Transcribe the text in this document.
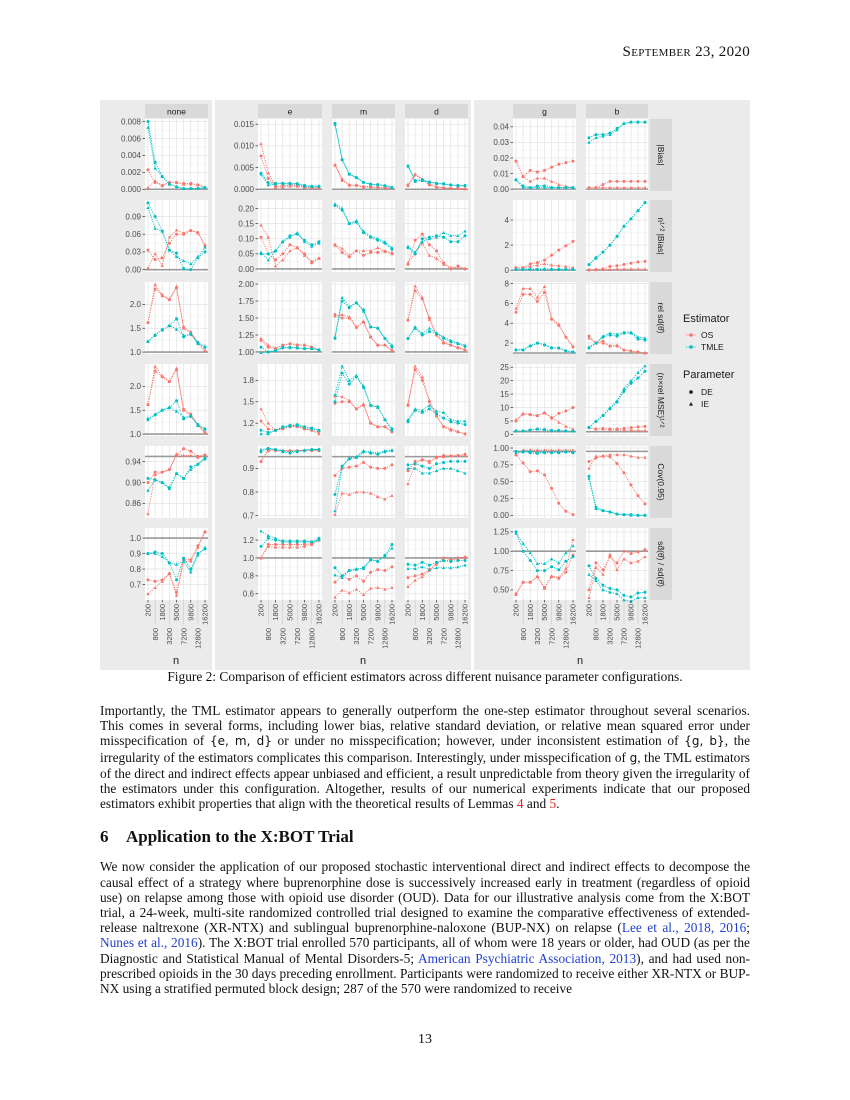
September 23, 2020
none	e	m	d	g	b
|Bias|
0.000
0.002
0.004
0.006
0.008
0.000
0.005
0.010
0.015
0.00
0.01
0.02
0.03
0.04
n¹ᐟ² |Bias|
0.00
0.03
0.06
0.09
0.00
0.05
0.10
0.15
0.20
0
2
4
rel sd(θ̂)
1.0
1.5
2.0
1.00
1.25
1.50
1.75
2.00
2
4
6
8
(n×rel MSE)¹ᐟ²
1.0
1.5
2.0
1.2
1.5
1.8
0
5
10
15
20
25
Cov(0.95)
0.86
0.90
0.94
0.7
0.8
0.9
0.00
0.25
0.50
0.75
1.00
sd̂(θ̂) / sd(θ̂)
0.7
0.8
0.9
1.0
200
800
1800
3200
5000
7200
9800
12800
16200
0.6
0.8
1.0
1.2
200
800
1800
3200
5000
7200
9800
12800
16200 200
800
1800
3200
5000
7200
9800
12800
16200 200
800
1800
3200
5000
7200
9800
12800
16200
0.50
0.75
1.00
1.25
200
800
1800
3200
5000
7200
9800
12800
16200 200
800
1800
3200
5000
7200
9800
12800
16200
n	n	n
Estimator
OS
TMLE
Parameter
DE
IE
Figure 2: Comparison of efficient estimators across different nuisance parameter configurations.

Importantly, the TML estimator appears to generally outperform the one-step estimator throughout several scenarios. This comes in several forms, including lower bias, relative standard deviation, or relative mean squared error under misspecification of {e, m, d} or under no misspecification; however, under inconsistent estimation of {g, b}, the irregularity of the estimators complicates this comparison. Interestingly, under misspecification of g, the TML estimators of the direct and indirect effects appear unbiased and efficient, a result unpredictable from theory given the irregularity of the estimators under this configuration. Altogether, results of our numerical experiments indicate that our proposed estimators exhibit properties that align with the theoretical results of Lemmas 4 and 5.

6 Application to the X:BOT Trial

We now consider the application of our proposed stochastic interventional direct and indirect effects to decompose the causal effect of a strategy where buprenorphine dose is successively increased early in treatment (regardless of opioid use) on relapse among those with opioid use disorder (OUD). Data for our illustrative analysis come from the X:BOT trial, a 24-week, multi-site randomized controlled trial designed to examine the comparative effectiveness of extended-release naltrexone (XR-NTX) and sublingual buprenorphine-naloxone (BUP-NX) on relapse (Lee et al., 2018, 2016; Nunes et al., 2016). The X:BOT trial enrolled 570 participants, all of whom were 18 years or older, had OUD (as per the Diagnostic and Statistical Manual of Mental Disorders-5; American Psychiatric Association, 2013), and had used non-prescribed opioids in the 30 days preceding enrollment. Participants were randomized to receive either XR-NTX or BUP-NX using a stratified permuted block design; 287 of the 570 were randomized to receive

13
